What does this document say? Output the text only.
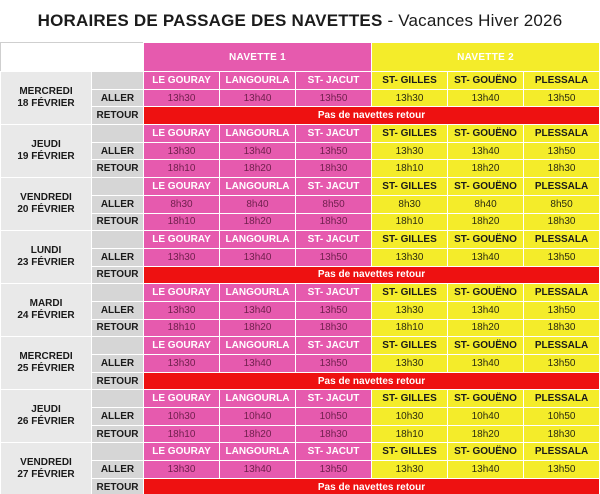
HORAIRES DE PASSAGE DES NAVETTES - Vacances Hiver 2026
		NAVETTE 1			NAVETTE 2		
MERCREDI
18 FÉVRIER		LE GOURAY	LANGOURLA	ST- JACUT	ST- GILLES	ST- GOUËNO	PLESSALA
	ALLER	13h30	13h40	13h50	13h30	13h40	13h50
	RETOUR	Pas de navettes retour					
JEUDI
19 FÉVRIER		LE GOURAY	LANGOURLA	ST- JACUT	ST- GILLES	ST- GOUËNO	PLESSALA
	ALLER	13h30	13h40	13h50	13h30	13h40	13h50
	RETOUR	18h10	18h20	18h30	18h10	18h20	18h30
VENDREDI
20 FÉVRIER		LE GOURAY	LANGOURLA	ST- JACUT	ST- GILLES	ST- GOUËNO	PLESSALA
	ALLER	8h30	8h40	8h50	8h30	8h40	8h50
	RETOUR	18h10	18h20	18h30	18h10	18h20	18h30
LUNDI
23 FÉVRIER		LE GOURAY	LANGOURLA	ST- JACUT	ST- GILLES	ST- GOUËNO	PLESSALA
	ALLER	13h30	13h40	13h50	13h30	13h40	13h50
	RETOUR	Pas de navettes retour					
MARDI
24 FÉVRIER		LE GOURAY	LANGOURLA	ST- JACUT	ST- GILLES	ST- GOUËNO	PLESSALA
	ALLER	13h30	13h40	13h50	13h30	13h40	13h50
	RETOUR	18h10	18h20	18h30	18h10	18h20	18h30
MERCREDI
25 FÉVRIER		LE GOURAY	LANGOURLA	ST- JACUT	ST- GILLES	ST- GOUËNO	PLESSALA
	ALLER	13h30	13h40	13h50	13h30	13h40	13h50
	RETOUR	Pas de navettes retour					
JEUDI
26 FÉVRIER		LE GOURAY	LANGOURLA	ST- JACUT	ST- GILLES	ST- GOUËNO	PLESSALA
	ALLER	10h30	10h40	10h50	10h30	10h40	10h50
	RETOUR	18h10	18h20	18h30	18h10	18h20	18h30
VENDREDI
27 FÉVRIER		LE GOURAY	LANGOURLA	ST- JACUT	ST- GILLES	ST- GOUËNO	PLESSALA
	ALLER	13h30	13h40	13h50	13h30	13h40	13h50
	RETOUR	Pas de navettes retour					
